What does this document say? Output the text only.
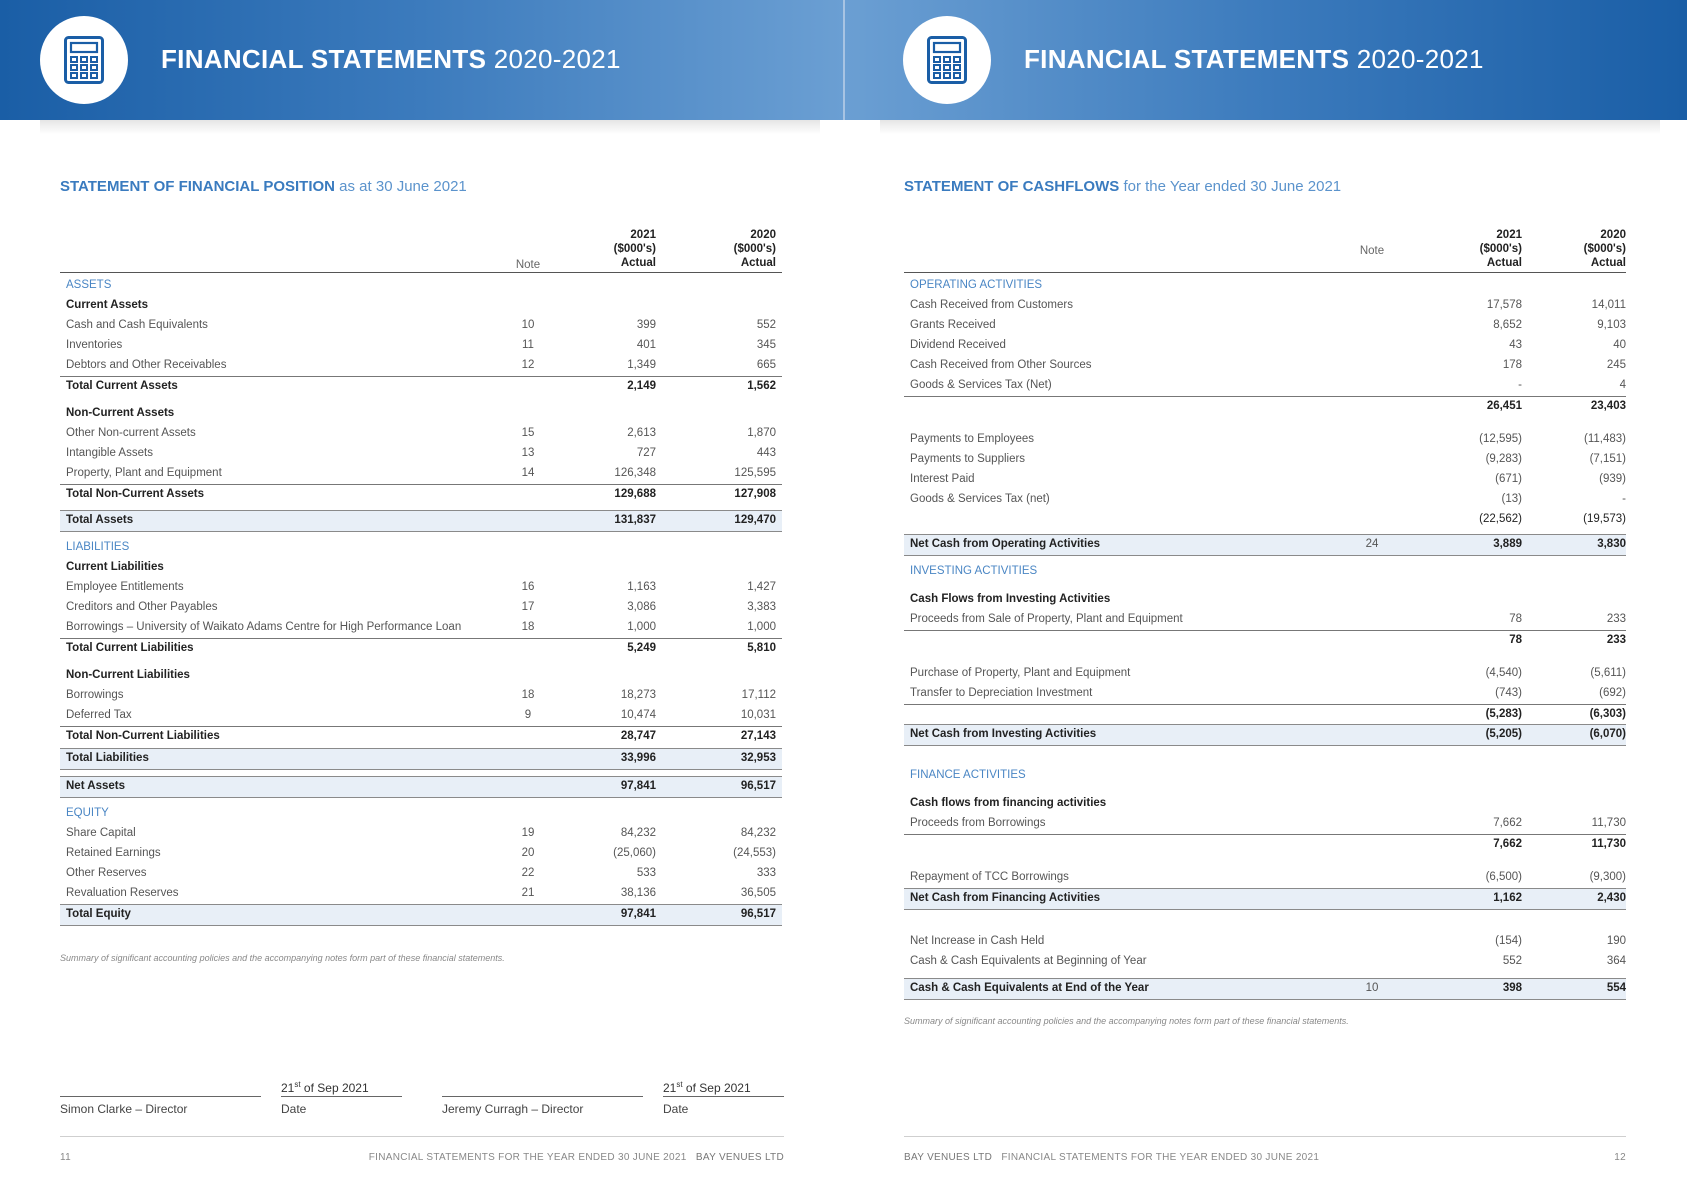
FINANCIAL STATEMENTS 2020-2021	FINANCIAL STATEMENTS 2020-2021
STATEMENT OF FINANCIAL POSITION as at 30 June 2021	STATEMENT OF CASHFLOWS for the Year ended 30 June 2021
Note
2021
($000's)
Actual
2020
($000's)
Actual
ASSETS
Current Assets
Cash and Cash Equivalents	10	399	552
Inventories	11	401	345
Debtors and Other Receivables	12	1,349	665
Total Current Assets	2,149	1,562
Non-Current Assets
Other Non-current Assets	15	2,613	1,870
Intangible Assets	13	727	443
Property, Plant and Equipment	14	126,348	125,595
Total Non-Current Assets	129,688	127,908
Total Assets	131,837	129,470
LIABILITIES
Current Liabilities
Employee Entitlements	16	1,163	1,427
Creditors and Other Payables	17	3,086	3,383
Borrowings – University of Waikato Adams Centre for High Performance Loan	18	1,000	1,000
Total Current Liabilities	5,249	5,810
Non-Current Liabilities
Borrowings	18	18,273	17,112
Deferred Tax	9	10,474	10,031
Total Non-Current Liabilities	28,747	27,143
Total Liabilities	33,996	32,953
Net Assets	97,841	96,517
EQUITY
Share Capital	19	84,232	84,232
Retained Earnings	20	(25,060)	(24,553)
Other Reserves	22	533	333
Revaluation Reserves	21	38,136	36,505
Total Equity	97,841	96,517
Note
2021
($000's)
Actual
2020
($000's)
Actual
OPERATING ACTIVITIES
Cash Received from Customers	17,578	14,011
Grants Received	8,652	9,103
Dividend Received	43	40
Cash Received from Other Sources	178	245
Goods & Services Tax (Net)	-	4
26,451	23,403
Payments to Employees	(12,595)	(11,483)
Payments to Suppliers	(9,283)	(7,151)
Interest Paid	(671)	(939)
Goods & Services Tax (net)	(13)	-
(22,562)	(19,573)
Net Cash from Operating Activities	24	3,889	3,830
INVESTING ACTIVITIES
Cash Flows from Investing Activities
Proceeds from Sale of Property, Plant and Equipment	78	233
78	233
Purchase of Property, Plant and Equipment	(4,540)	(5,611)
Transfer to Depreciation Investment	(743)	(692)
(5,283)	(6,303)
Net Cash from Investing Activities	(5,205)	(6,070)
FINANCE ACTIVITIES
Cash flows from financing activities
Proceeds from Borrowings	7,662	11,730
7,662	11,730
Repayment of TCC Borrowings	(6,500)	(9,300)
Net Cash from Financing Activities	1,162	2,430
Net Increase in Cash Held	(154)	190
Cash & Cash Equivalents at Beginning of Year	552	364
Cash & Cash Equivalents at End of the Year	10	398	554
Summary of significant accounting policies and the accompanying notes form part of these financial statements.
Summary of significant accounting policies and the accompanying notes form part of these financial statements.
21st of Sep 2021	21st of Sep 2021
Simon Clarke – Director	Date	Jeremy Curragh – Director	Date
11	FINANCIAL STATEMENTS FOR THE YEAR ENDED 30 JUNE 2021 BAY VENUES LTD	BAY VENUES LTD FINANCIAL STATEMENTS FOR THE YEAR ENDED 30 JUNE 2021	12
